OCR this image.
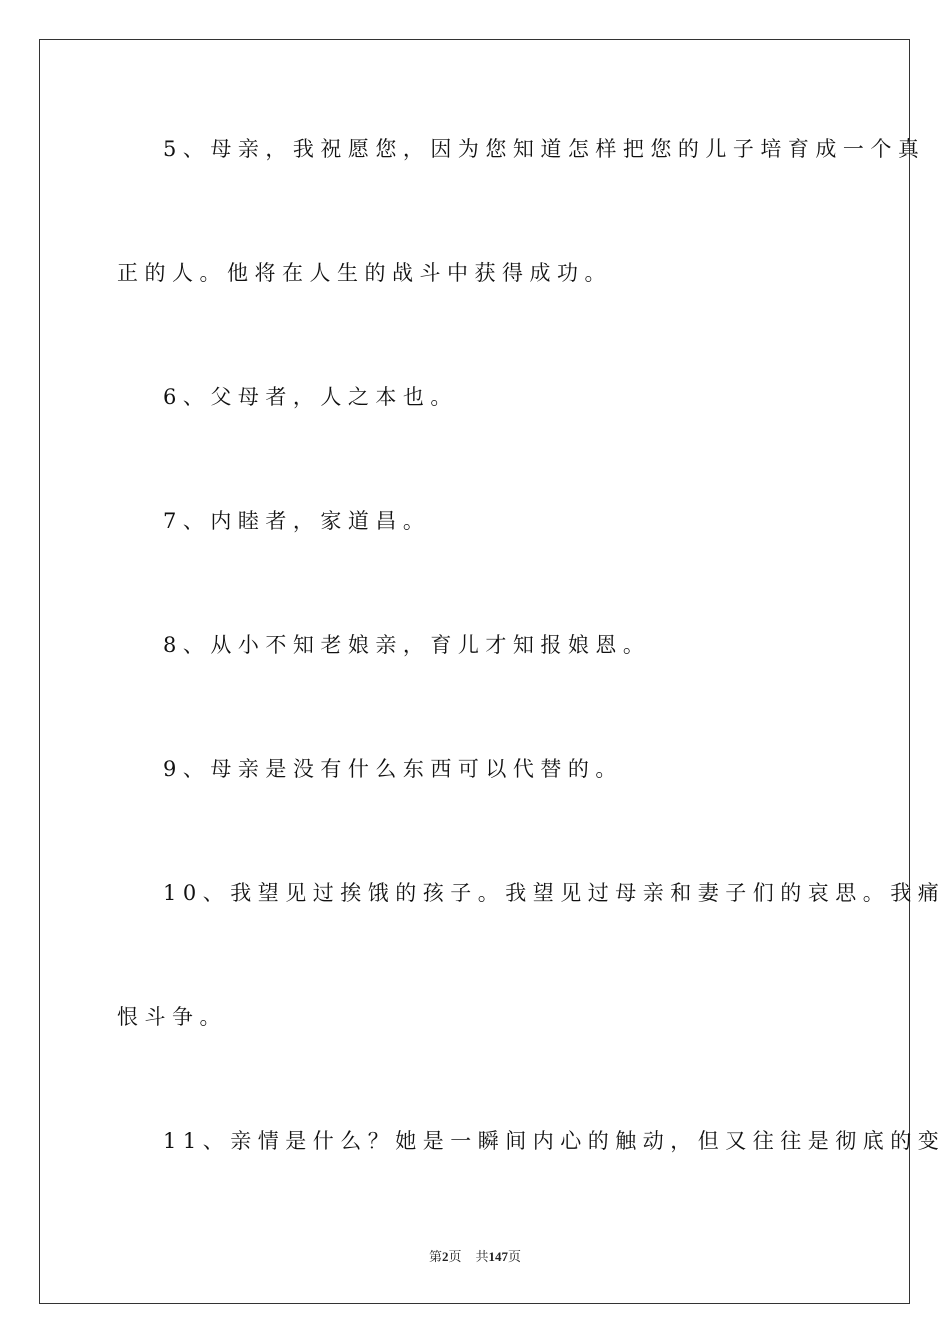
5、母亲，我祝愿您，因为您知道怎样把您的儿子培育成一个真
正的人。他将在人生的战斗中获得成功。
6、父母者，人之本也。
7、内睦者，家道昌。
8、从小不知老娘亲，育儿才知报娘恩。
9、母亲是没有什么东西可以代替的。
10、我望见过挨饿的孩子。我望见过母亲和妻子们的哀思。我痛
恨斗争。
11、亲情是什么？她是一瞬间内心的触动，但又往往是彻底的变
第2页 共147页
